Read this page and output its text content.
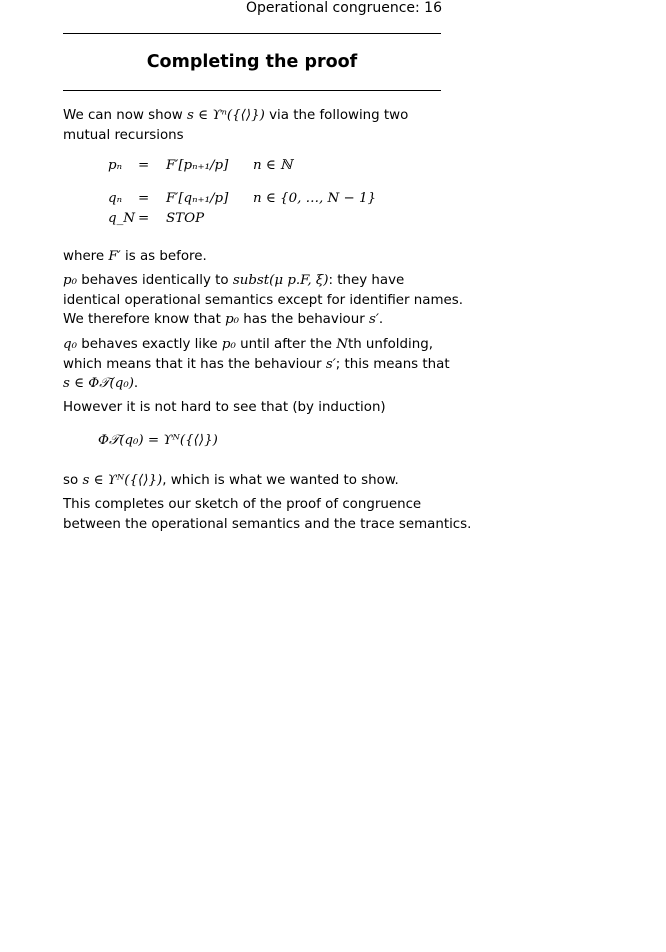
Operational congruence: 16
Completing the proof
We can now show s ∈ ϒⁿ({⟨⟩}) via the following two
mutual recursions
pₙ = F′[pₙ₊₁/p] n ∈ ℕ
qₙ = F′[qₙ₊₁/p] n ∈ {0, …, N − 1}
q_N = STOP
where F′ is as before.
p₀ behaves identically to subst(μ p.F, ξ): they have
identical operational semantics except for identifier names.
We therefore know that p₀ has the behaviour s′.
q₀ behaves exactly like p₀ until after the Nth unfolding,
which means that it has the behaviour s′; this means that
s ∈ Φ𝒯(q₀).
However it is not hard to see that (by induction)
Φ𝒯(q₀) = ϒᴺ({⟨⟩})
so s ∈ ϒᴺ({⟨⟩}), which is what we wanted to show.
This completes our sketch of the proof of congruence
between the operational semantics and the trace semantics.
